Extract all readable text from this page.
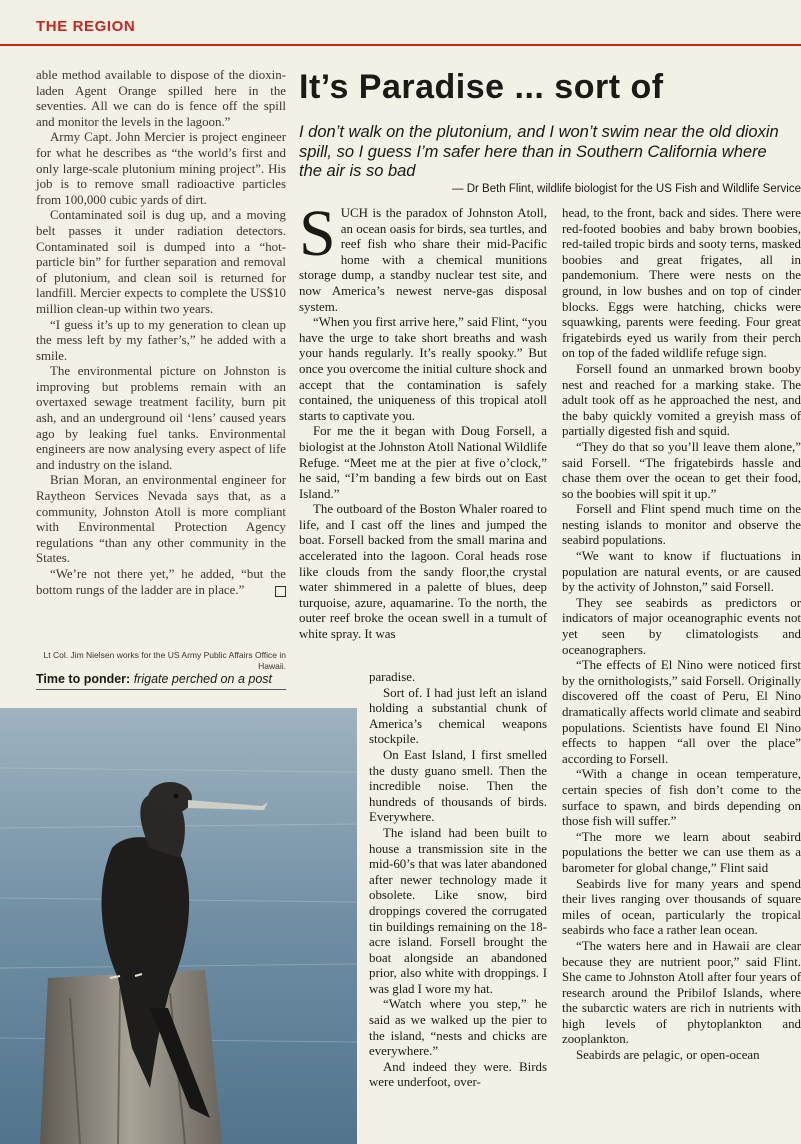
THE REGION

able method available to dispose of the dioxin-laden Agent Orange spilled here in the seventies. All we can do is fence off the spill and monitor the levels in the lagoon.”

Army Capt. John Mercier is project engineer for what he describes as “the world’s first and only large-scale plutonium mining project”. His job is to remove small radioactive particles from 100,000 cubic yards of dirt.

Contaminated soil is dug up, and a moving belt passes it under radiation detectors. Contaminated soil is dumped into a “hot-particle bin” for further separation and removal of plutonium, and clean soil is returned for landfill. Mercier expects to complete the US$10 million clean-up within two years.

“I guess it’s up to my generation to clean up the mess left by my father’s,” he added with a smile.

The environmental picture on Johnston is improving but problems remain with an overtaxed sewage treatment facility, burn pit ash, and an underground oil ‘lens’ caused years ago by leaking fuel tanks. Environmental engineers are now analysing every aspect of life and industry on the island.

Brian Moran, an environmental engineer for Raytheon Services Nevada says that, as a community, Johnston Atoll is more compliant with Environmental Protection Agency regulations “than any other community in the States.

“We’re not there yet,” he added, “but the bottom rungs of the ladder are in place.”

Lt Col. Jim Nielsen works for the US Army Public Affairs Office in Hawaii.
Time to ponder: frigate perched on a post
It’s Paradise ... sort of
I don’t walk on the plutonium, and I won’t swim near the old dioxin spill, so I guess I’m safer here than in Southern California where the air is so bad
— Dr Beth Flint, wildlife biologist for the US Fish and Wildlife Service

SUCH is the paradox of Johnston Atoll, an ocean oasis for birds, sea turtles, and reef fish who share their mid-Pacific home with a chemical munitions storage dump, a standby nuclear test site, and now America’s newest nerve-gas disposal system.

“When you first arrive here,” said Flint, “you have the urge to take short breaths and wash your hands regularly. It’s really spooky.” But once you overcome the initial culture shock and accept that the contamination is safely contained, the uniqueness of this tropical atoll starts to captivate you.

For me the it began with Doug Forsell, a biologist at the Johnston Atoll National Wildlife Refuge. “Meet me at the pier at five o’clock,” he said, “I’m banding a few birds out on East Island.”

The outboard of the Boston Whaler roared to life, and I cast off the lines and jumped the boat. Forsell backed from the small marina and accelerated into the lagoon. Coral heads rose like clouds from the sandy floor,the crystal water shimmered in a palette of blues, deep turquoise, azure, aquamarine. To the north, the outer reef broke the ocean swell in a tumult of white spray. It was

paradise.

Sort of. I had just left an island holding a substantial chunk of America’s chemical weapons stockpile.

On East Island, I first smelled the dusty guano smell. Then the incredible noise. Then the hundreds of thousands of birds. Everywhere.

The island had been built to house a transmission site in the mid-60’s that was later abandoned after newer technology made it obsolete. Like snow, bird droppings covered the corrugated tin buildings remaining on the 18-acre island. Forsell brought the boat alongside an abandoned prior, also white with droppings. I was glad I wore my hat.

“Watch where you step,” he said as we walked up the pier to the island, “nests and chicks are everywhere.”

And indeed they were. Birds were underfoot, over-

head, to the front, back and sides. There were red-footed boobies and baby brown boobies, red-tailed tropic birds and sooty terns, masked boobies and great frigates, all in pandemonium. There were nests on the ground, in low bushes and on top of cinder blocks. Eggs were hatching, chicks were squawking, parents were feeding. Four great frigatebirds eyed us warily from their perch on top of the faded wildlife refuge sign.

Forsell found an unmarked brown booby nest and reached for a marking stake. The adult took off as he approached the nest, and the baby quickly vomited a greyish mass of partially digested fish and squid.

“They do that so you’ll leave them alone,” said Forsell. “The frigatebirds hassle and chase them over the ocean to get their food, so the boobies will spit it up.”

Forsell and Flint spend much time on the nesting islands to monitor and observe the seabird populations.

“We want to know if fluctuations in population are natural events, or are caused by the activity of Johnston,” said Forsell.

They see seabirds as predictors or indicators of major oceanographic events not yet seen by climatologists and oceanographers.

“The effects of El Nino were noticed first by the ornithologists,” said Forsell. Originally discovered off the coast of Peru, El Nino dramatically affects world climate and seabird populations. Scientists have found El Nino effects to happen “all over the place” according to Forsell.

“With a change in ocean temperature, certain species of fish don’t come to the surface to spawn, and birds depending on those fish will suffer.”

“The more we learn about seabird populations the better we can use them as a barometer for global change,” Flint said

Seabirds live for many years and spend their lives ranging over thousands of square miles of ocean, particularly the tropical seabirds who face a rather lean ocean.

“The waters here and in Hawaii are clear because they are nutrient poor,” said Flint. She came to Johnston Atoll after four years of research around the Pribilof Islands, where the subarctic waters are rich in nutrients with high levels of phytoplankton and zooplankton.

Seabirds are pelagic, or open-ocean
